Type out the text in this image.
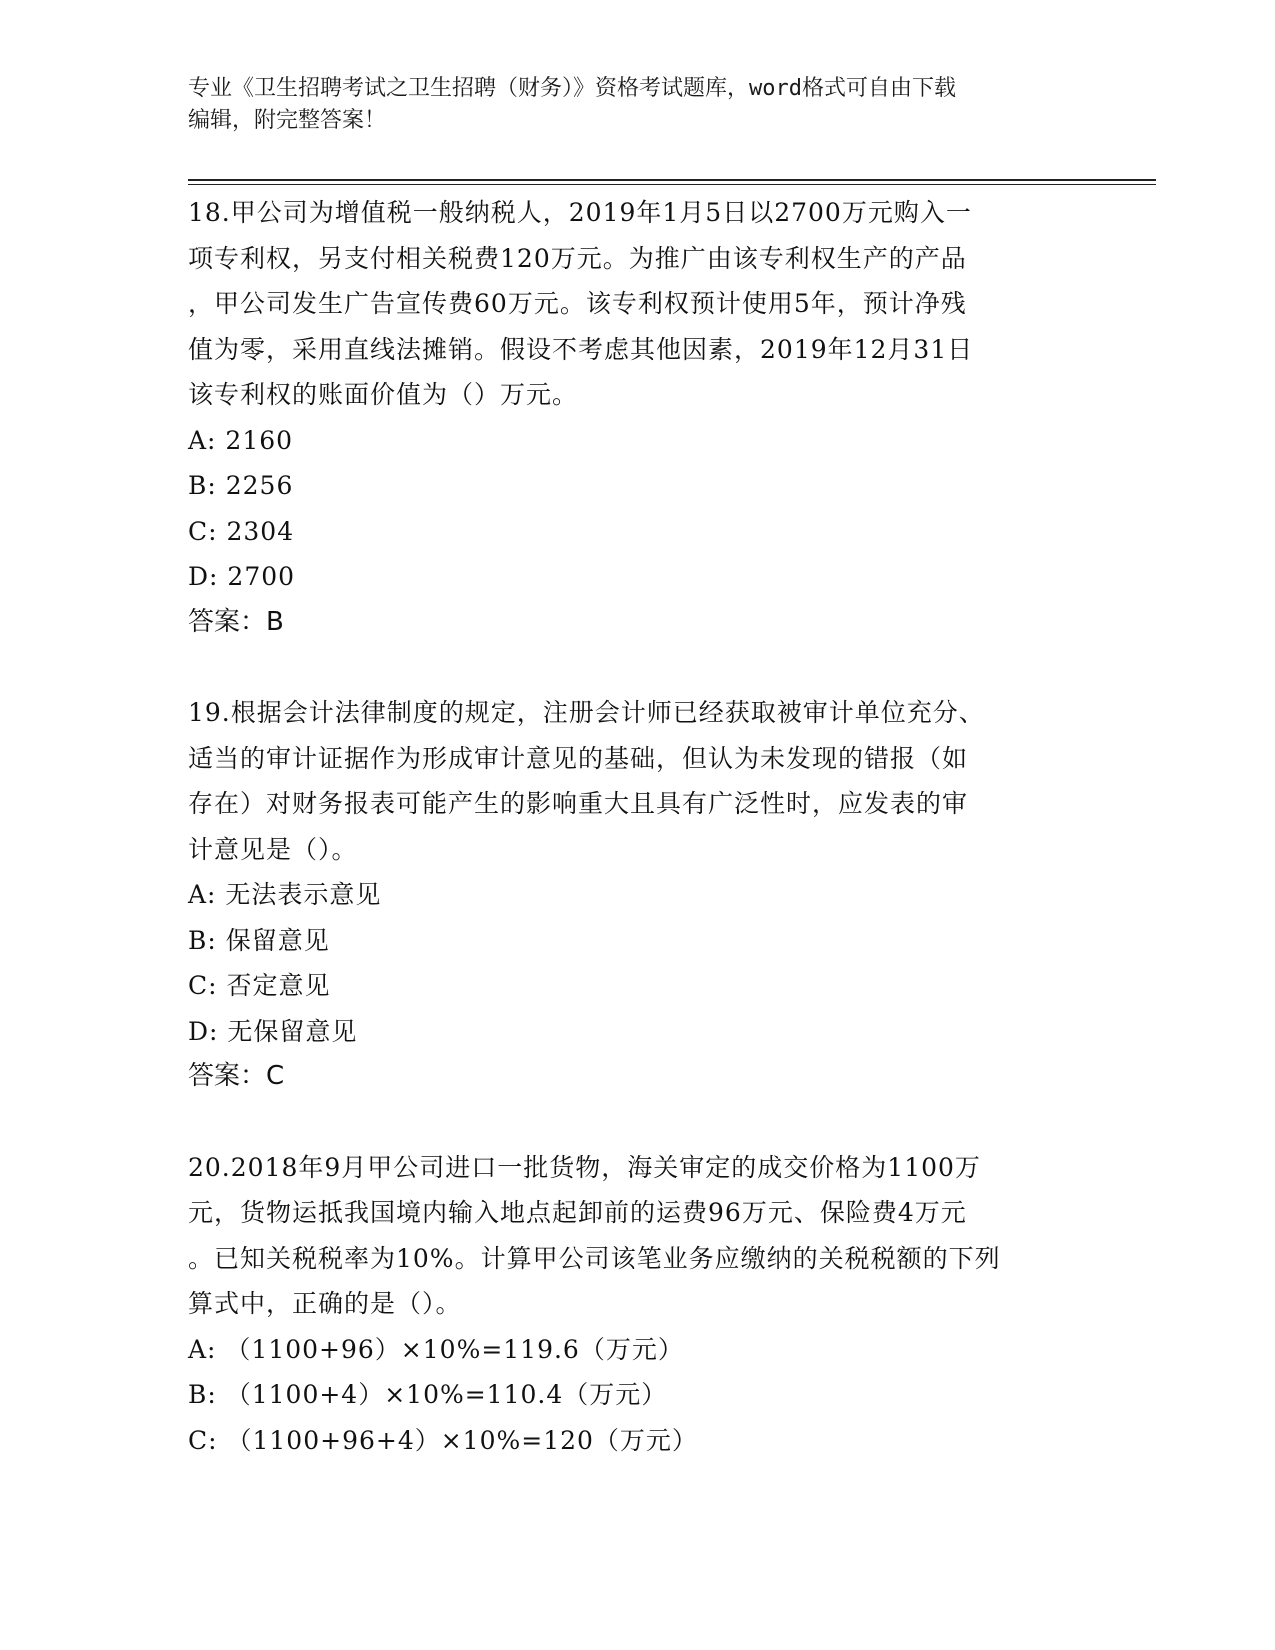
专业《卫生招聘考试之卫生招聘（财务）》资格考试题库，word格式可自由下载
编辑，附完整答案！
18.甲公司为增值税一般纳税人，2019年1月5日以2700万元购入一
项专利权，另支付相关税费120万元。为推广由该专利权生产的产品
，甲公司发生广告宣传费60万元。该专利权预计使用5年，预计净残
值为零，采用直线法摊销。假设不考虑其他因素，2019年12月31日
该专利权的账面价值为（）万元。
A: 2160
B: 2256
C: 2304
D: 2700
答案：B
19.根据会计法律制度的规定，注册会计师已经获取被审计单位充分、
适当的审计证据作为形成审计意见的基础，但认为未发现的错报（如
存在）对财务报表可能产生的影响重大且具有广泛性时，应发表的审
计意见是（）。
A: 无法表示意见
B: 保留意见
C: 否定意见
D: 无保留意见
答案：C
20.2018年9月甲公司进口一批货物，海关审定的成交价格为1100万
元，货物运抵我国境内输入地点起卸前的运费96万元、保险费4万元
。已知关税税率为10%。计算甲公司该笔业务应缴纳的关税税额的下列
算式中，正确的是（）。
A: （1100+96）×10%=119.6（万元）
B: （1100+4）×10%=110.4（万元）
C: （1100+96+4）×10%=120（万元）
